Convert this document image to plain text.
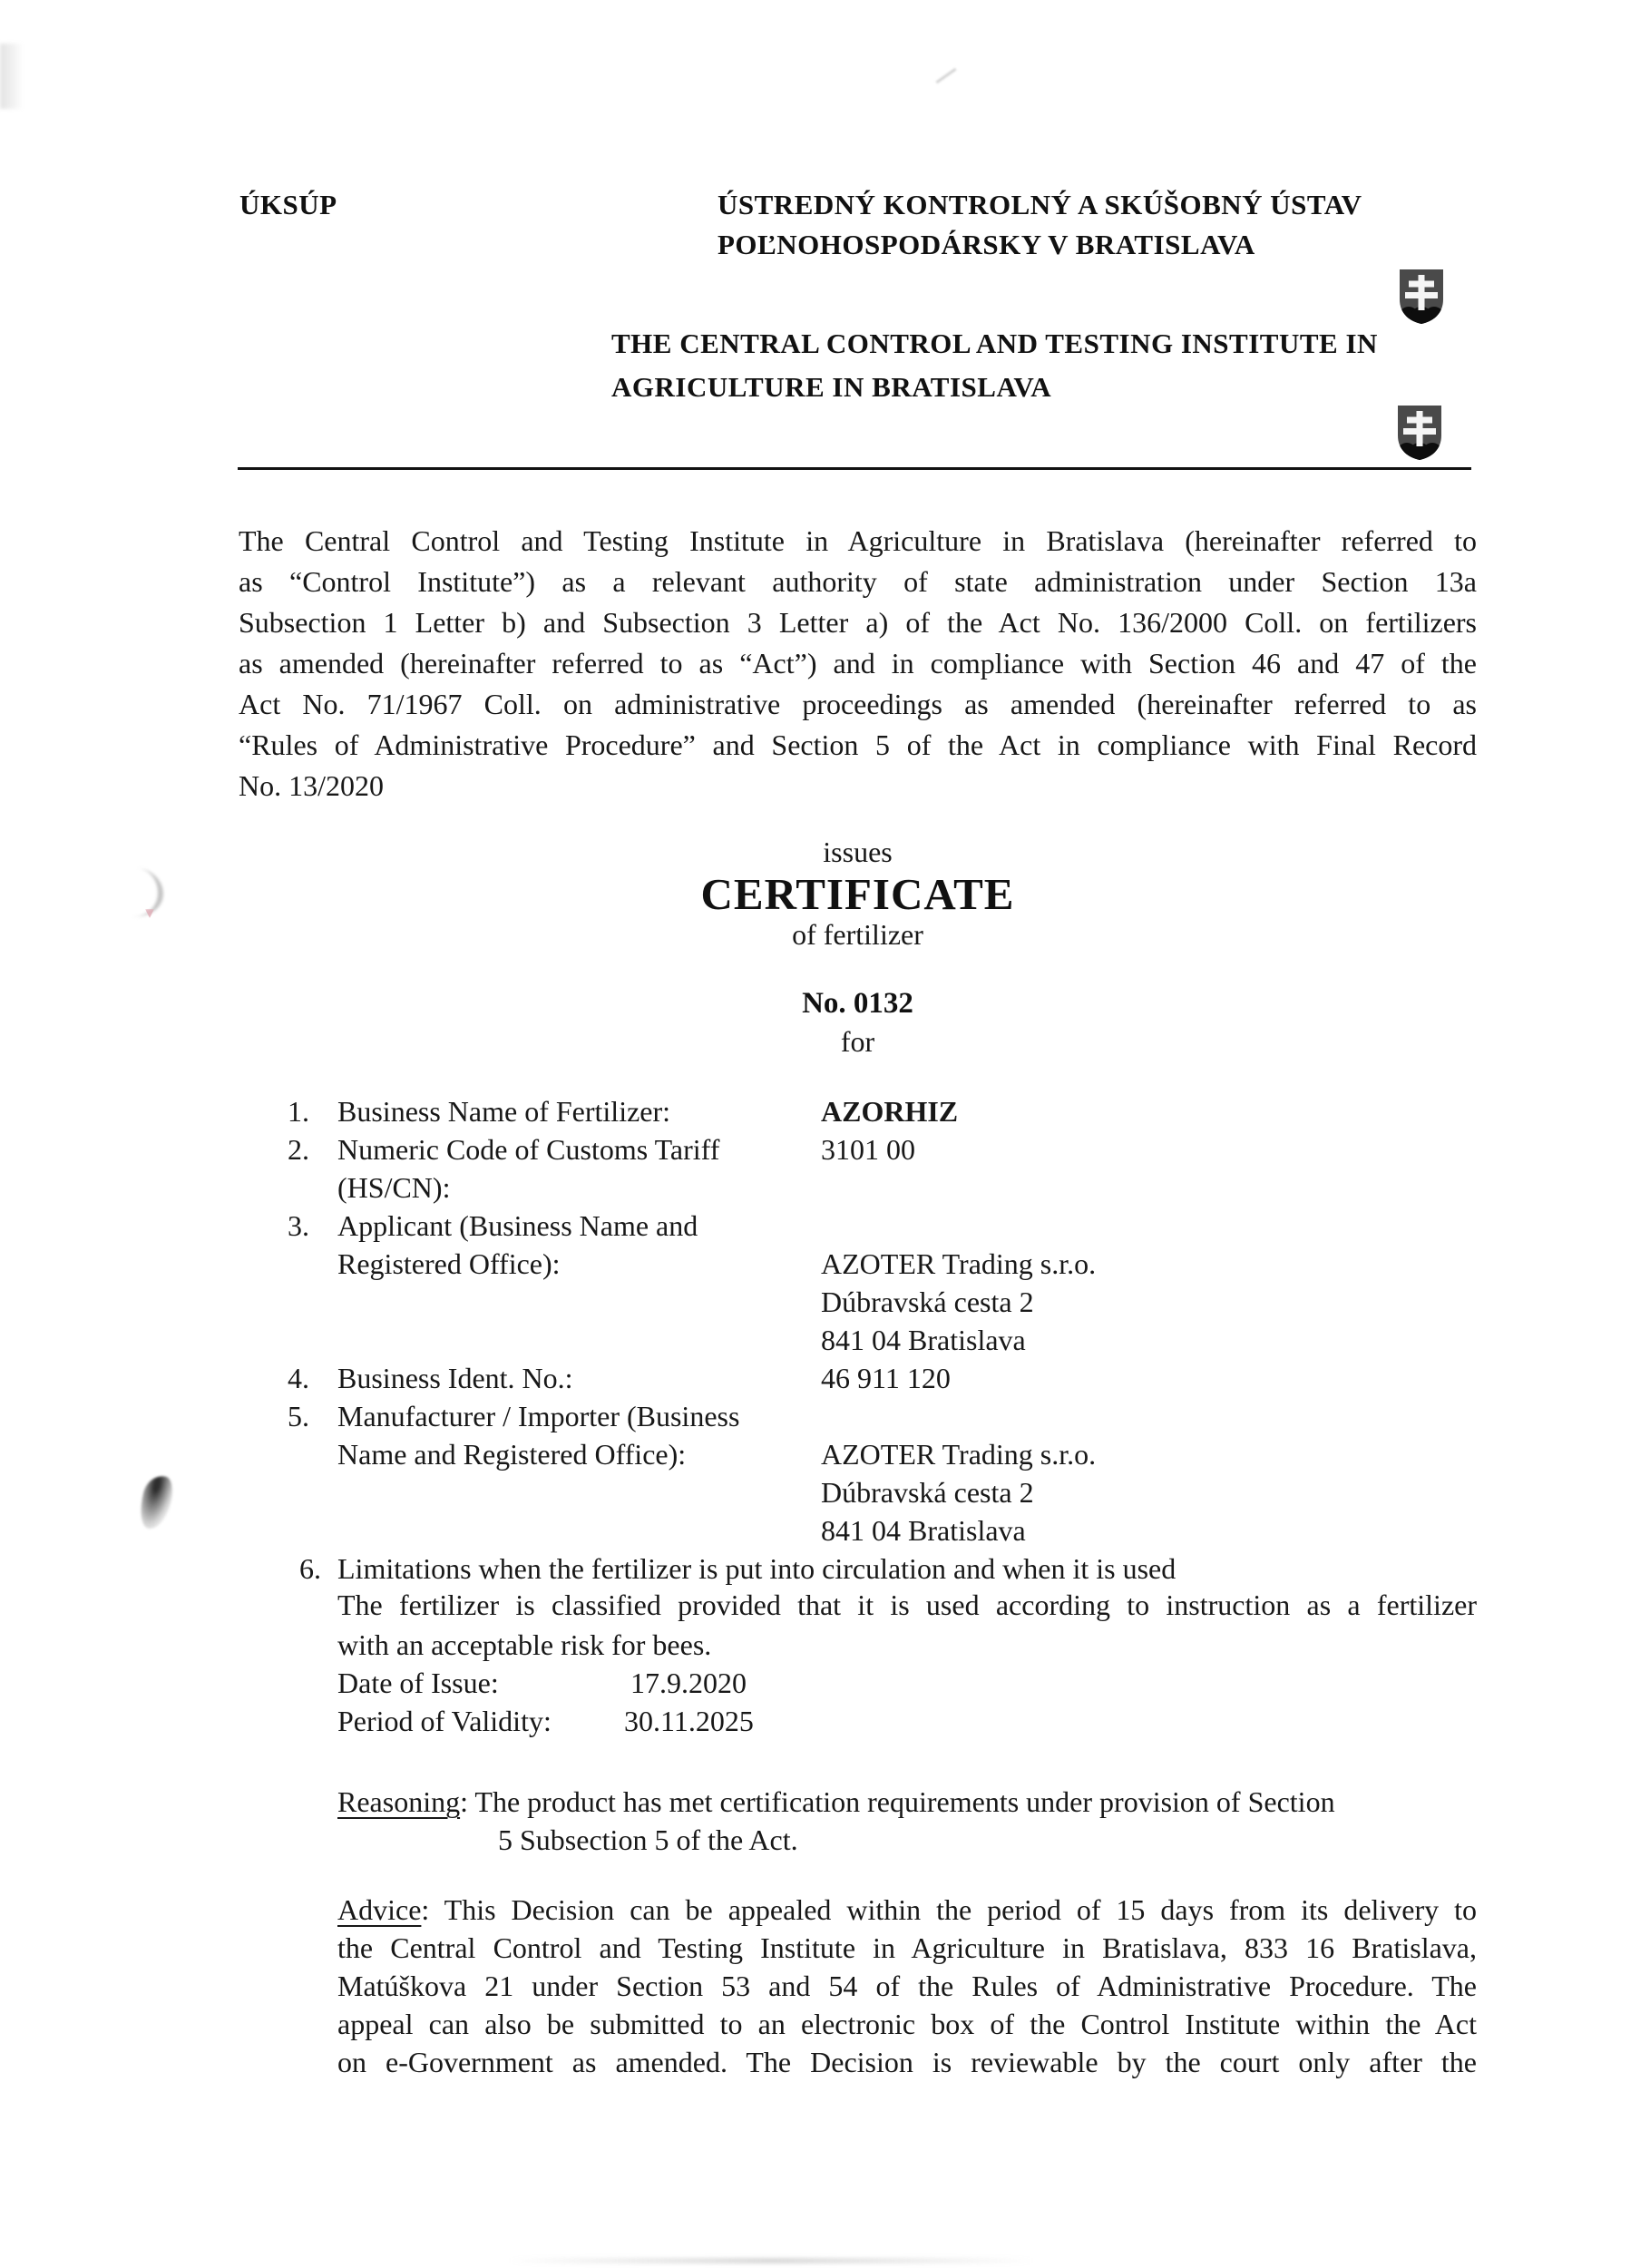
ÚKSÚP	ÚSTREDNÝ KONTROLNÝ A SKÚŠOBNÝ ÚSTAV
POĽNOHOSPODÁRSKY V BRATISLAVA
THE CENTRAL CONTROL AND TESTING INSTITUTE IN
AGRICULTURE IN BRATISLAVA
The Central Control and Testing Institute in Agriculture in Bratislava (hereinafter referred to
as “Control Institute”) as a relevant authority of state administration under Section 13a
Subsection 1 Letter b) and Subsection 3 Letter a) of the Act No. 136/2000 Coll. on fertilizers
as amended (hereinafter referred to as “Act”) and in compliance with Section 46 and 47 of the
Act No. 71/1967 Coll. on administrative proceedings as amended (hereinafter referred to as
“Rules of Administrative Procedure” and Section 5 of the Act in compliance with Final Record
No. 13/2020
issues
CERTIFICATE
of fertilizer
No. 0132
for
1. Business Name of Fertilizer:	AZORHIZ
2. Numeric Code of Customs Tariff	3101 00
(HS/CN):
3. Applicant (Business Name and
Registered Office):	AZOTER Trading s.r.o.
Dúbravská cesta 2
841 04 Bratislava
4. Business Ident. No.:	46 911 120
5. Manufacturer / Importer (Business
Name and Registered Office):	AZOTER Trading s.r.o.
Dúbravská cesta 2
841 04 Bratislava
6. Limitations when the fertilizer is put into circulation and when it is used
The fertilizer is classified provided that it is used according to instruction as a fertilizer
with an acceptable risk for bees.
Date of Issue:	17.9.2020
Period of Validity:	30.11.2025
Reasoning: The product has met certification requirements under provision of Section
5 Subsection 5 of the Act.
Advice: This Decision can be appealed within the period of 15 days from its delivery to
the Central Control and Testing Institute in Agriculture in Bratislava, 833 16 Bratislava,
Matúškova 21 under Section 53 and 54 of the Rules of Administrative Procedure. The
appeal can also be submitted to an electronic box of the Control Institute within the Act
on e-Government as amended. The Decision is reviewable by the court only after the
